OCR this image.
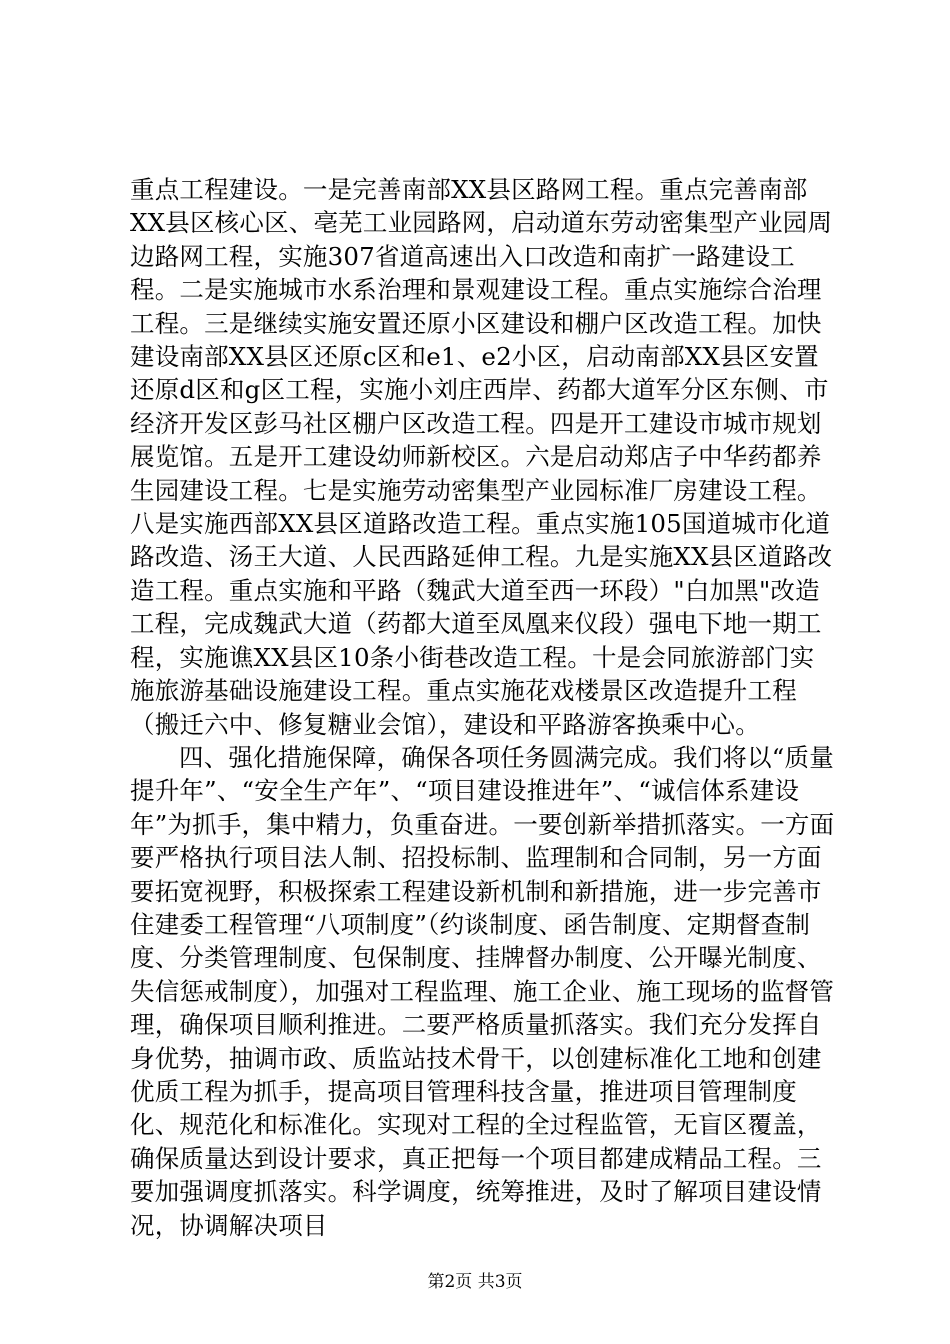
重点工程建设。一是完善南部XX县区路网工程。重点完善南部XX县区核心区、亳芜工业园路网，启动道东劳动密集型产业园周边路网工程，实施307省道高速出入口改造和南扩一路建设工程。二是实施城市水系治理和景观建设工程。重点实施综合治理工程。三是继续实施安置还原小区建设和棚户区改造工程。加快建设南部XX县区还原c区和e1、e2小区，启动南部XX县区安置还原d区和g区工程，实施小刘庄西岸、药都大道军分区东侧、市经济开发区彭马社区棚户区改造工程。四是开工建设市城市规划展览馆。五是开工建设幼师新校区。六是启动郑店子中华药都养生园建设工程。七是实施劳动密集型产业园标准厂房建设工程。八是实施西部XX县区道路改造工程。重点实施105国道城市化道路改造、汤王大道、人民西路延伸工程。九是实施XX县区道路改造工程。重点实施和平路（魏武大道至西一环段）"白加黑"改造工程，完成魏武大道（药都大道至凤凰来仪段）强电下地一期工程，实施谯XX县区10条小街巷改造工程。十是会同旅游部门实施旅游基础设施建设工程。重点实施花戏楼景区改造提升工程（搬迁六中、修复糖业会馆），建设和平路游客换乘中心。

四、强化措施保障，确保各项任务圆满完成。我们将以“质量提升年”、“安全生产年”、“项目建设推进年”、“诚信体系建设年”为抓手，集中精力，负重奋进。一要创新举措抓落实。一方面要严格执行项目法人制、招投标制、监理制和合同制，另一方面要拓宽视野，积极探索工程建设新机制和新措施，进一步完善市住建委工程管理“八项制度”（约谈制度、函告制度、定期督查制度、分类管理制度、包保制度、挂牌督办制度、公开曝光制度、失信惩戒制度），加强对工程监理、施工企业、施工现场的监督管理，确保项目顺利推进。二要严格质量抓落实。我们充分发挥自身优势，抽调市政、质监站技术骨干，以创建标准化工地和创建优质工程为抓手，提高项目管理科技含量，推进项目管理制度化、规范化和标准化。实现对工程的全过程监管，无盲区覆盖，确保质量达到设计要求，真正把每一个项目都建成精品工程。三要加强调度抓落实。科学调度，统筹推进，及时了解项目建设情况，协调解决项目

第2页 共3页
